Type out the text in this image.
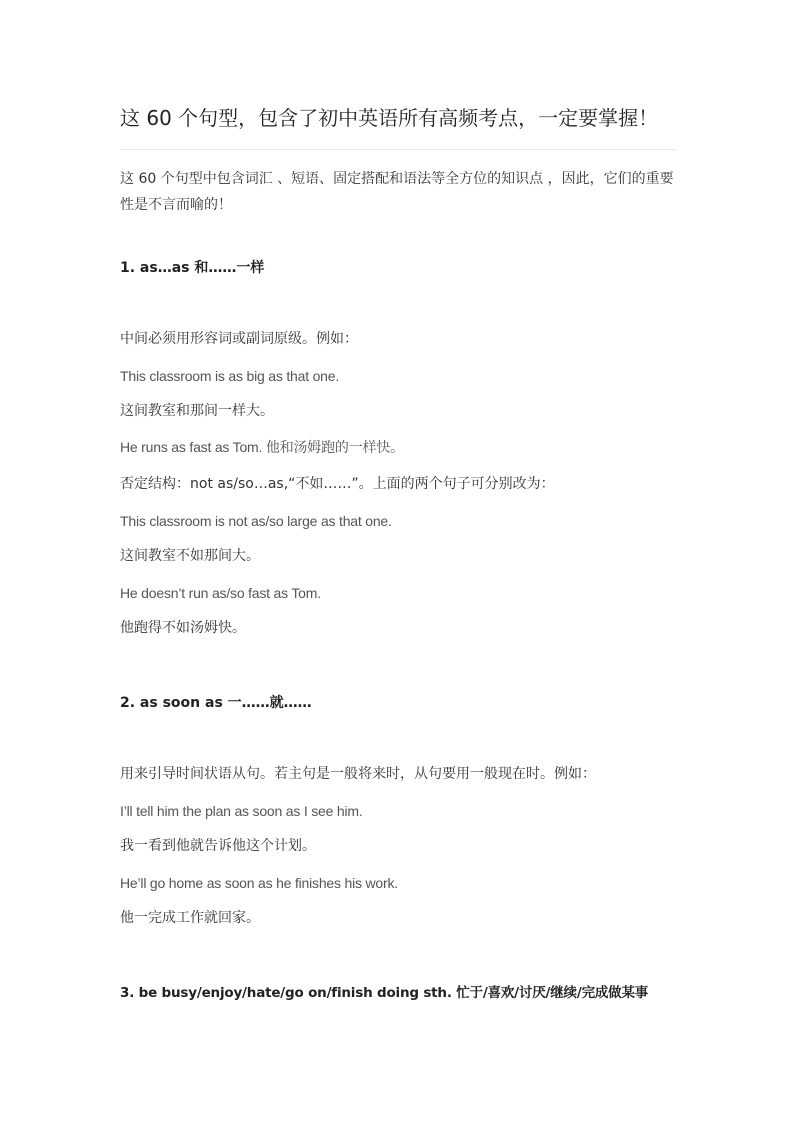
这 60 个句型，包含了初中英语所有高频考点，一定要掌握！

这 60 个句型中包含词汇 、短语、固定搭配和语法等全方位的知识点 ，因此，它们的重要性是不言而喻的！

1. as…as 和……一样

中间必须用形容词或副词原级。例如：

This classroom is as big as that one.

这间教室和那间一样大。

He runs as fast as Tom. 他和汤姆跑的一样快。

否定结构：not as/so…as,“不如……”。上面的两个句子可分别改为：

This classroom is not as/so large as that one.

这间教室不如那间大。

He doesn’t run as/so fast as Tom.

他跑得不如汤姆快。

2. as soon as 一……就……

用来引导时间状语从句。若主句是一般将来时，从句要用一般现在时。例如：

I’ll tell him the plan as soon as I see him.

我一看到他就告诉他这个计划。

He’ll go home as soon as he finishes his work.

他一完成工作就回家。

3. be busy/enjoy/hate/go on/finish doing sth. 忙于/喜欢/讨厌/继续/完成做某事
